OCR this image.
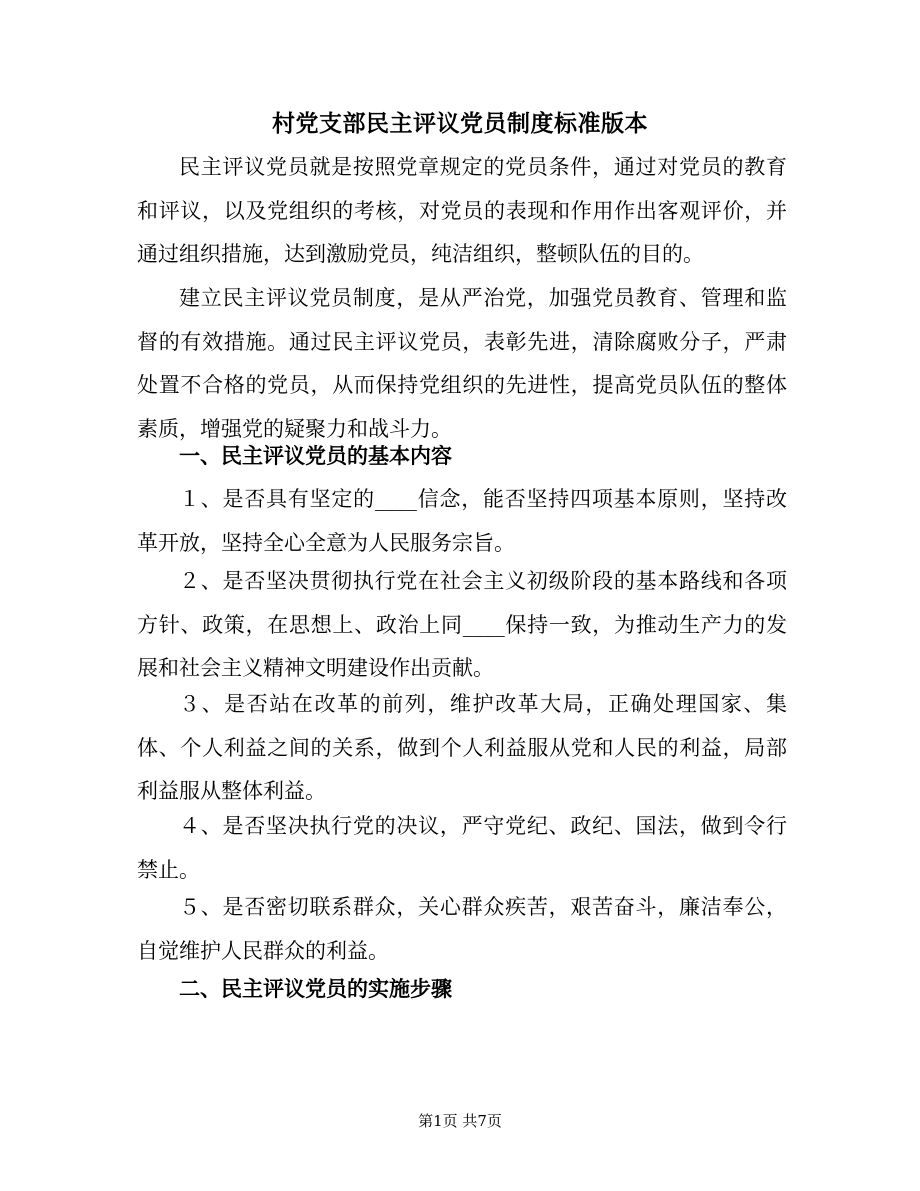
村党支部民主评议党员制度标准版本
民主评议党员就是按照党章规定的党员条件，通过对党员的教育和评议，以及党组织的考核，对党员的表现和作用作出客观评价，并通过组织措施，达到激励党员，纯洁组织，整顿队伍的目的。
建立民主评议党员制度，是从严治党，加强党员教育、管理和监督的有效措施。通过民主评议党员，表彰先进，清除腐败分子，严肃处置不合格的党员，从而保持党组织的先进性，提高党员队伍的整体素质，增强党的疑聚力和战斗力。
一、民主评议党员的基本内容
１、是否具有坚定的____信念，能否坚持四项基本原则，坚持改革开放，坚持全心全意为人民服务宗旨。
２、是否坚决贯彻执行党在社会主义初级阶段的基本路线和各项方针、政策，在思想上、政治上同____保持一致，为推动生产力的发展和社会主义精神文明建设作出贡献。
３、是否站在改革的前列，维护改革大局，正确处理国家、集体、个人利益之间的关系，做到个人利益服从党和人民的利益，局部利益服从整体利益。
４、是否坚决执行党的决议，严守党纪、政纪、国法，做到令行禁止。
５、是否密切联系群众，关心群众疾苦，艰苦奋斗，廉洁奉公，自觉维护人民群众的利益。
二、民主评议党员的实施步骤
第1页 共7页
